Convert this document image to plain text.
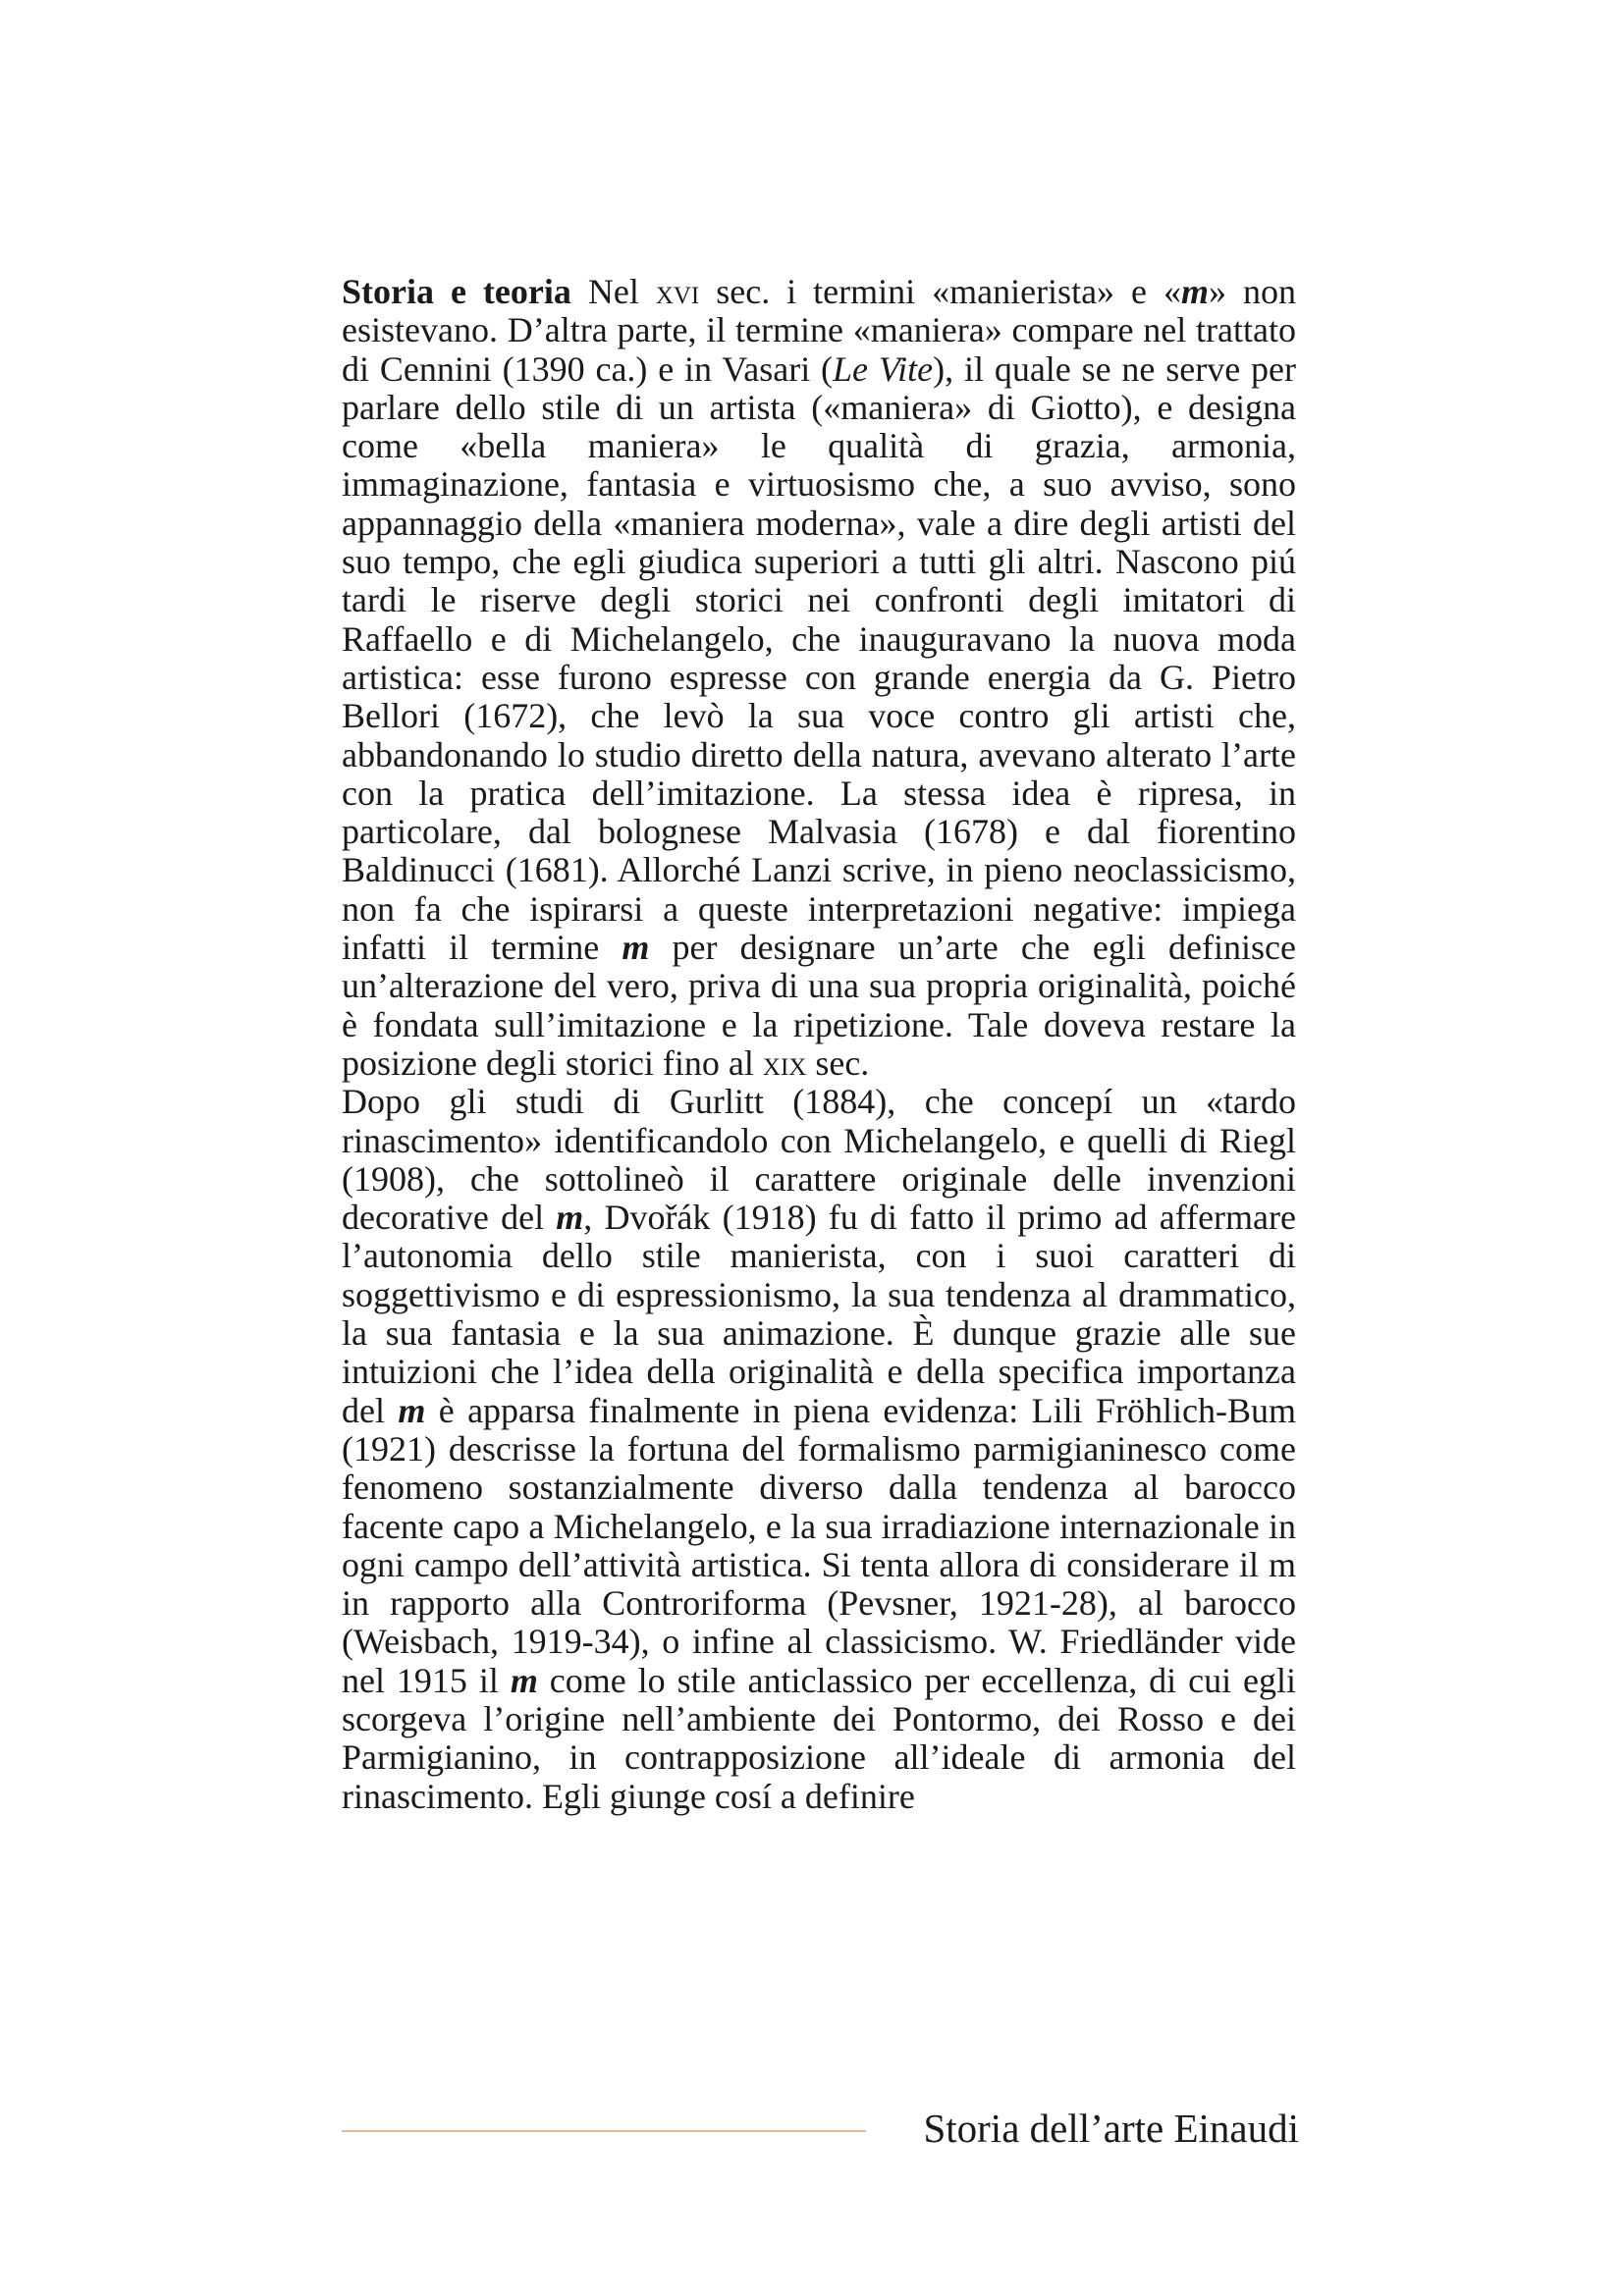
Storia e teoria Nel xvi sec. i termini «manierista» e «m» non esistevano. D’altra parte, il termine «maniera» compare nel trattato di Cennini (1390 ca.) e in Vasari (Le Vite), il quale se ne serve per parlare dello stile di un artista («maniera» di Giotto), e designa come «bella maniera» le qualità di grazia, armonia, immaginazione, fantasia e virtuosismo che, a suo avviso, sono appannaggio della «maniera moderna», vale a dire degli artisti del suo tempo, che egli giudica superiori a tutti gli altri. Nascono piú tardi le riserve degli storici nei confronti degli imitatori di Raffaello e di Michelangelo, che inauguravano la nuova moda artistica: esse furono espresse con grande energia da G. Pietro Bellori (1672), che levò la sua voce contro gli artisti che, abbandonando lo studio diretto della natura, avevano alterato l’arte con la pratica dell’imitazione. La stessa idea è ripresa, in particolare, dal bolognese Malvasia (1678) e dal fiorentino Baldinucci (1681). Allorché Lanzi scrive, in pieno neoclassicismo, non fa che ispirarsi a queste interpretazioni negative: impiega infatti il termine m per designare un’arte che egli definisce un’alterazione del vero, priva di una sua propria originalità, poiché è fondata sull’imitazione e la ripetizione. Tale doveva restare la posizione degli storici fino al xix sec.

Dopo gli studi di Gurlitt (1884), che concepí un «tardo rinascimento» identificandolo con Michelangelo, e quelli di Riegl (1908), che sottolineò il carattere originale delle invenzioni decorative del m, Dvořák (1918) fu di fatto il primo ad affermare l’autonomia dello stile manierista, con i suoi caratteri di soggettivismo e di espressionismo, la sua tendenza al drammatico, la sua fantasia e la sua animazione. È dunque grazie alle sue intuizioni che l’idea della originalità e della specifica importanza del m è apparsa finalmente in piena evidenza: Lili Fröhlich-Bum (1921) descrisse la fortuna del formalismo parmigianinesco come fenomeno sostanzialmente diverso dalla tendenza al barocco facente capo a Michelangelo, e la sua irradiazione internazionale in ogni campo dell’attività artistica. Si tenta allora di considerare il m in rapporto alla Controriforma (Pevsner, 1921-28), al barocco (Weisbach, 1919-34), o infine al classicismo. W. Friedländer vide nel 1915 il m come lo stile anticlassico per eccellenza, di cui egli scorgeva l’origine nell’ambiente dei Pontormo, dei Rosso e dei Parmigianino, in contrapposizione all’ideale di armonia del rinascimento. Egli giunge cosí a definire

Storia dell’arte Einaudi
